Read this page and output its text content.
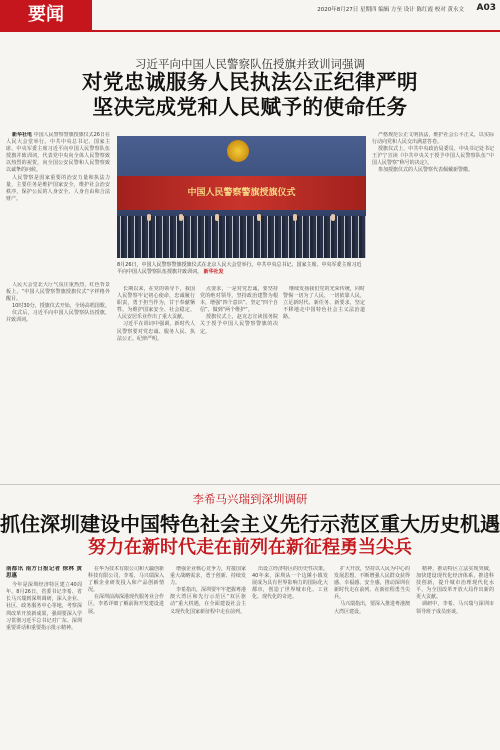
要闻	2020年8月27日 星期四 编辑 方至 设计 陈红霞 校对 黄永文 A03
习近平向中国人民警察队伍授旗并致训词强调
对党忠诚服务人民执法公正纪律严明
坚决完成党和人民赋予的使命任务

新华社电 中国人民警察警旗授旗仪式26日在人民大会堂举行。中共中央总书记、国家主席、中央军委主席习近平向中国人民警察队伍授旗并致训词，代表党中央向全体人民警察致以热烈的祝贺，向全国公安民警和人民警察致以诚挚的问候。

人民警察是国家重要的治安力量和执法力量，主要任务是维护国家安全，维护社会治安秩序，保护公民的人身安全、人身自由和合法财产。

人民大会堂北大厅气氛庄重热烈，红色背景板上，“中国人民警察警旗授旗仪式”字样格外醒目。

10时30分，授旗仪式开始，全场高唱国歌。

仪式后，习近平向中国人民警察队伍授旗，并致训词。

长期以来，在党的领导下，我国人民警察牢记初心使命，忠诚履行职责，勇于担当作为，甘于奉献牺牲，为维护国家安全、社会稳定、人民安居乐业作出了重大贡献。

习近平在训词中强调，新时代人民警察要对党忠诚、服务人民、执法公正、纪律严明。

点要求，一是对党忠诚，要坚持党的绝对领导，坚持政治建警为根本，增强“四个意识”、坚定“四个自信”、做到“两个维护”。

授旗仪式上，赵克志宣读国务院关于授予中国人民警察警旗的决定。

继续发扬我们党的光荣传统，同时警惕一切为了人民，一切依靠人民，立足新时代、新任务、新要求，坚定不移地走中国特色社会主义法治道路。

严格规范公正文明执法，维护社会公平正义，以实际行动向党和人民交出满意答卷。

授旗仪式上，中共中央政治局委员、中央书记处书记王沪宁宣读《中共中央关于授予中国人民警察队伍“中国人民警察”称号的决定》。

参加授旗仪式的人民警察代表佩戴新警徽。

中国人民警察警旗授旗仪式
8月26日，中国人民警察警旗授旗仪式在北京人民大会堂举行。中共中央总书记、国家主席、中央军委主席习近平向中国人民警察队伍授旗并致训词。 新华社发
李希马兴瑞到深圳调研
抓住深圳建设中国特色社会主义先行示范区重大历史机遇
努力在新时代走在前列在新征程勇当尖兵
南都讯 南方日报记者 徐林 黄思惠

今年是深圳经济特区建立40周年。8月26日，省委书记李希、省长马兴瑞到深圳调研，深入企业、社区、政务服务中心等地，考察深圳改革开放新成果，强调要深入学习贯彻习近平总书记对广东、深圳重要讲话和重要指示批示精神。

在华为技术有限公司和大疆创新科技有限公司，李希、马兴瑞深入了解企业研发投入和产品创新情况。

在深圳前海深港现代服务业合作区，李希详细了解前海开发建设进展。

增强企业核心竞争力，对接国家重大战略需求，勇于创新、持续发力。

李希指出，深圳要牢牢把握粤港澳大湾区和先行示范区“双区驱动”重大机遇，在全面建设社会主义现代化国家新征程中走在前列。

出设立经济特区的历史性决策。40年来，深圳从一个边陲小镇发展成为具有世界影响力的国际化大都市，创造了世界城市化、工业化、现代化的奇迹。

扩大开放，坚持以人民为中心的发展思想，不断增强人民群众获得感、幸福感、安全感，推动深圳在新时代走在前列、在新征程勇当尖兵。

马兴瑞指出，要深入推进粤港澳大湾区建设。

精神，推动特区立法实现突破，加快建设现代化经济体系，推进科技创新，提升城市治理现代化水平，为全国改革开放大局作出新的更大贡献。

调研中，李希、马兴瑞与深圳市领导班子成员座谈。
